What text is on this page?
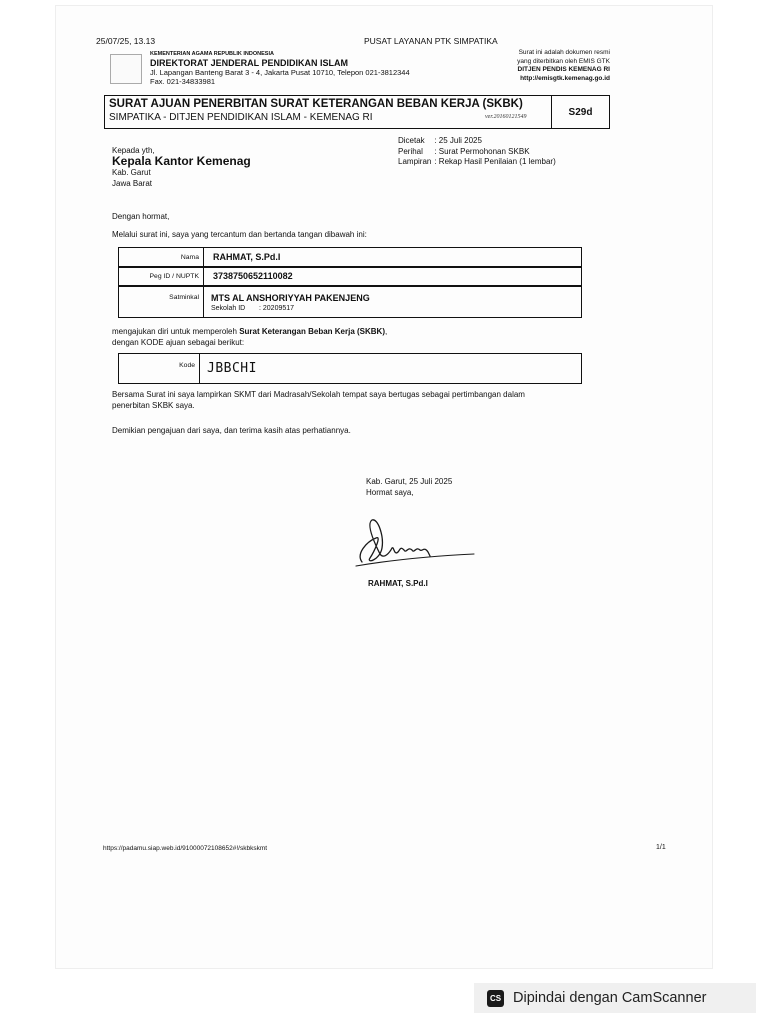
25/07/25, 13.13	PUSAT LAYANAN PTK SIMPATIKA
KEMENTERIAN AGAMA REPUBLIK INDONESIA
DIREKTORAT JENDERAL PENDIDIKAN ISLAM
Jl. Lapangan Banteng Barat 3 - 4, Jakarta Pusat 10710, Telepon 021-3812344
Fax. 021-34833981
Surat ini adalah dokumen resmi
yang diterbitkan oleh EMIS GTK
DITJEN PENDIS KEMENAG RI
http://emisgtk.kemenag.go.id
SURAT AJUAN PENERBITAN SURAT KETERANGAN BEBAN KERJA (SKBK)
SIMPATIKA - DITJEN PENDIDIKAN ISLAM - KEMENAG RI	ver.20160121549	S29d
Kepada yth,
Kepala Kantor Kemenag
Kab. Garut
Jawa Barat
Dicetak	: 25 Juli 2025
Perihal	: Surat Permohonan SKBK
Lampiran	: Rekap Hasil Penilaian (1 lembar)
Dengan hormat,
Melalui surat ini, saya yang tercantum dan bertanda tangan dibawah ini:
Nama RAHMAT, S.Pd.I
Peg ID / NUPTK 3738750652110082
Satminkal MTS AL ANSHORIYYAH PAKENJENG
Sekolah ID : 20209517
mengajukan diri untuk memperoleh Surat Keterangan Beban Kerja (SKBK),
dengan KODE ajuan sebagai berikut:
Kode JBBCHI
Bersama Surat ini saya lampirkan SKMT dari Madrasah/Sekolah tempat saya bertugas sebagai pertimbangan dalam
penerbitan SKBK saya.
Demikian pengajuan dari saya, dan terima kasih atas perhatiannya.
Kab. Garut, 25 Juli 2025
Hormat saya,
RAHMAT, S.Pd.I
https://padamu.siap.web.id/91000072108652#!/skbkskmt	1/1
CS Dipindai dengan CamScanner
